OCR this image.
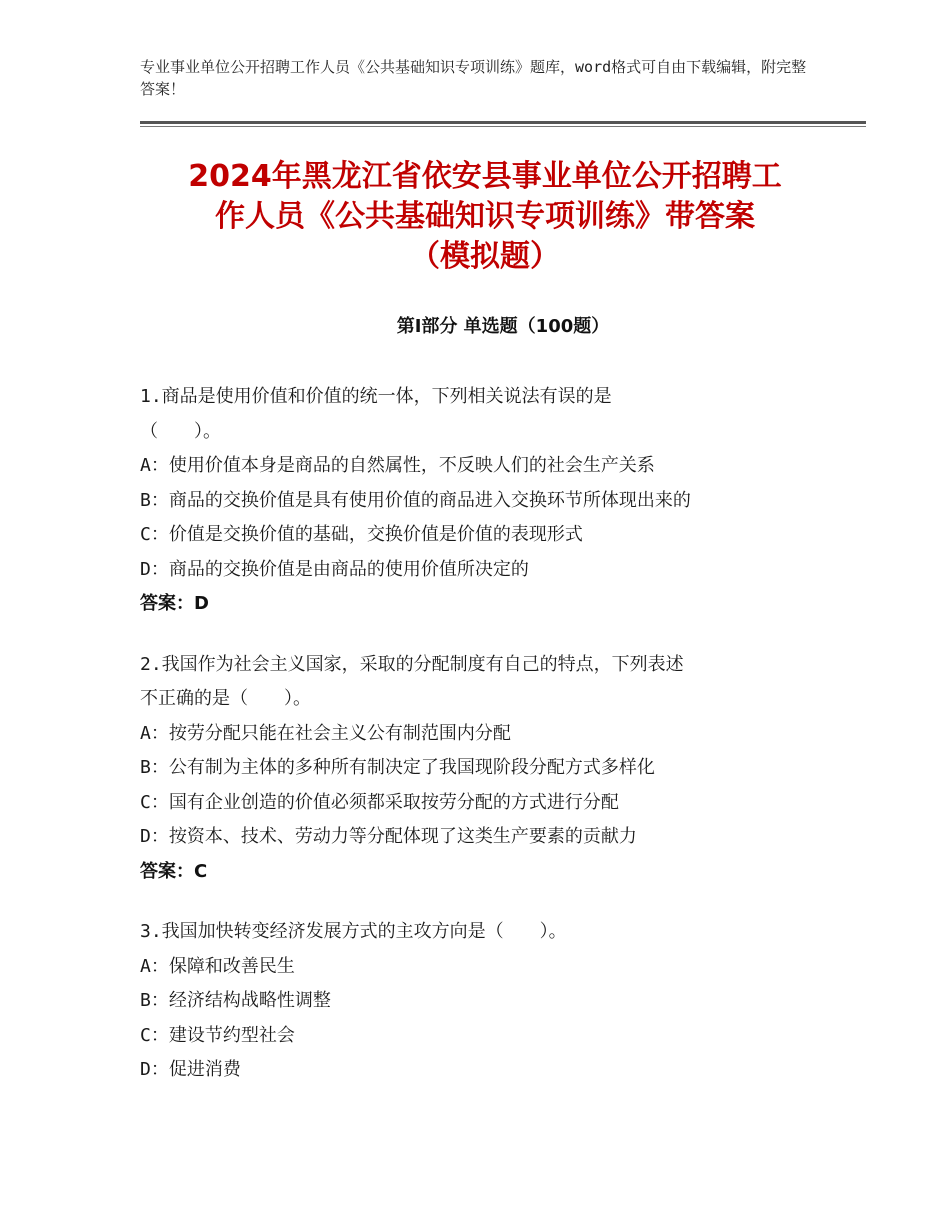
专业事业单位公开招聘工作人员《公共基础知识专项训练》题库，word格式可自由下载编辑，附完整答案！
2024年黑龙江省依安县事业单位公开招聘工
作人员《公共基础知识专项训练》带答案
（模拟题）
第Ⅰ部分 单选题（100题）
1.商品是使用价值和价值的统一体，下列相关说法有误的是
（　　）。
A：使用价值本身是商品的自然属性，不反映人们的社会生产关系
B：商品的交换价值是具有使用价值的商品进入交换环节所体现出来的
C：价值是交换价值的基础，交换价值是价值的表现形式
D：商品的交换价值是由商品的使用价值所决定的
答案：D
2.我国作为社会主义国家，采取的分配制度有自己的特点，下列表述
不正确的是（　　）。
A：按劳分配只能在社会主义公有制范围内分配
B：公有制为主体的多种所有制决定了我国现阶段分配方式多样化
C：国有企业创造的价值必须都采取按劳分配的方式进行分配
D：按资本、技术、劳动力等分配体现了这类生产要素的贡献力
答案：C
3.我国加快转变经济发展方式的主攻方向是（　　）。
A：保障和改善民生
B：经济结构战略性调整
C：建设节约型社会
D：促进消费
